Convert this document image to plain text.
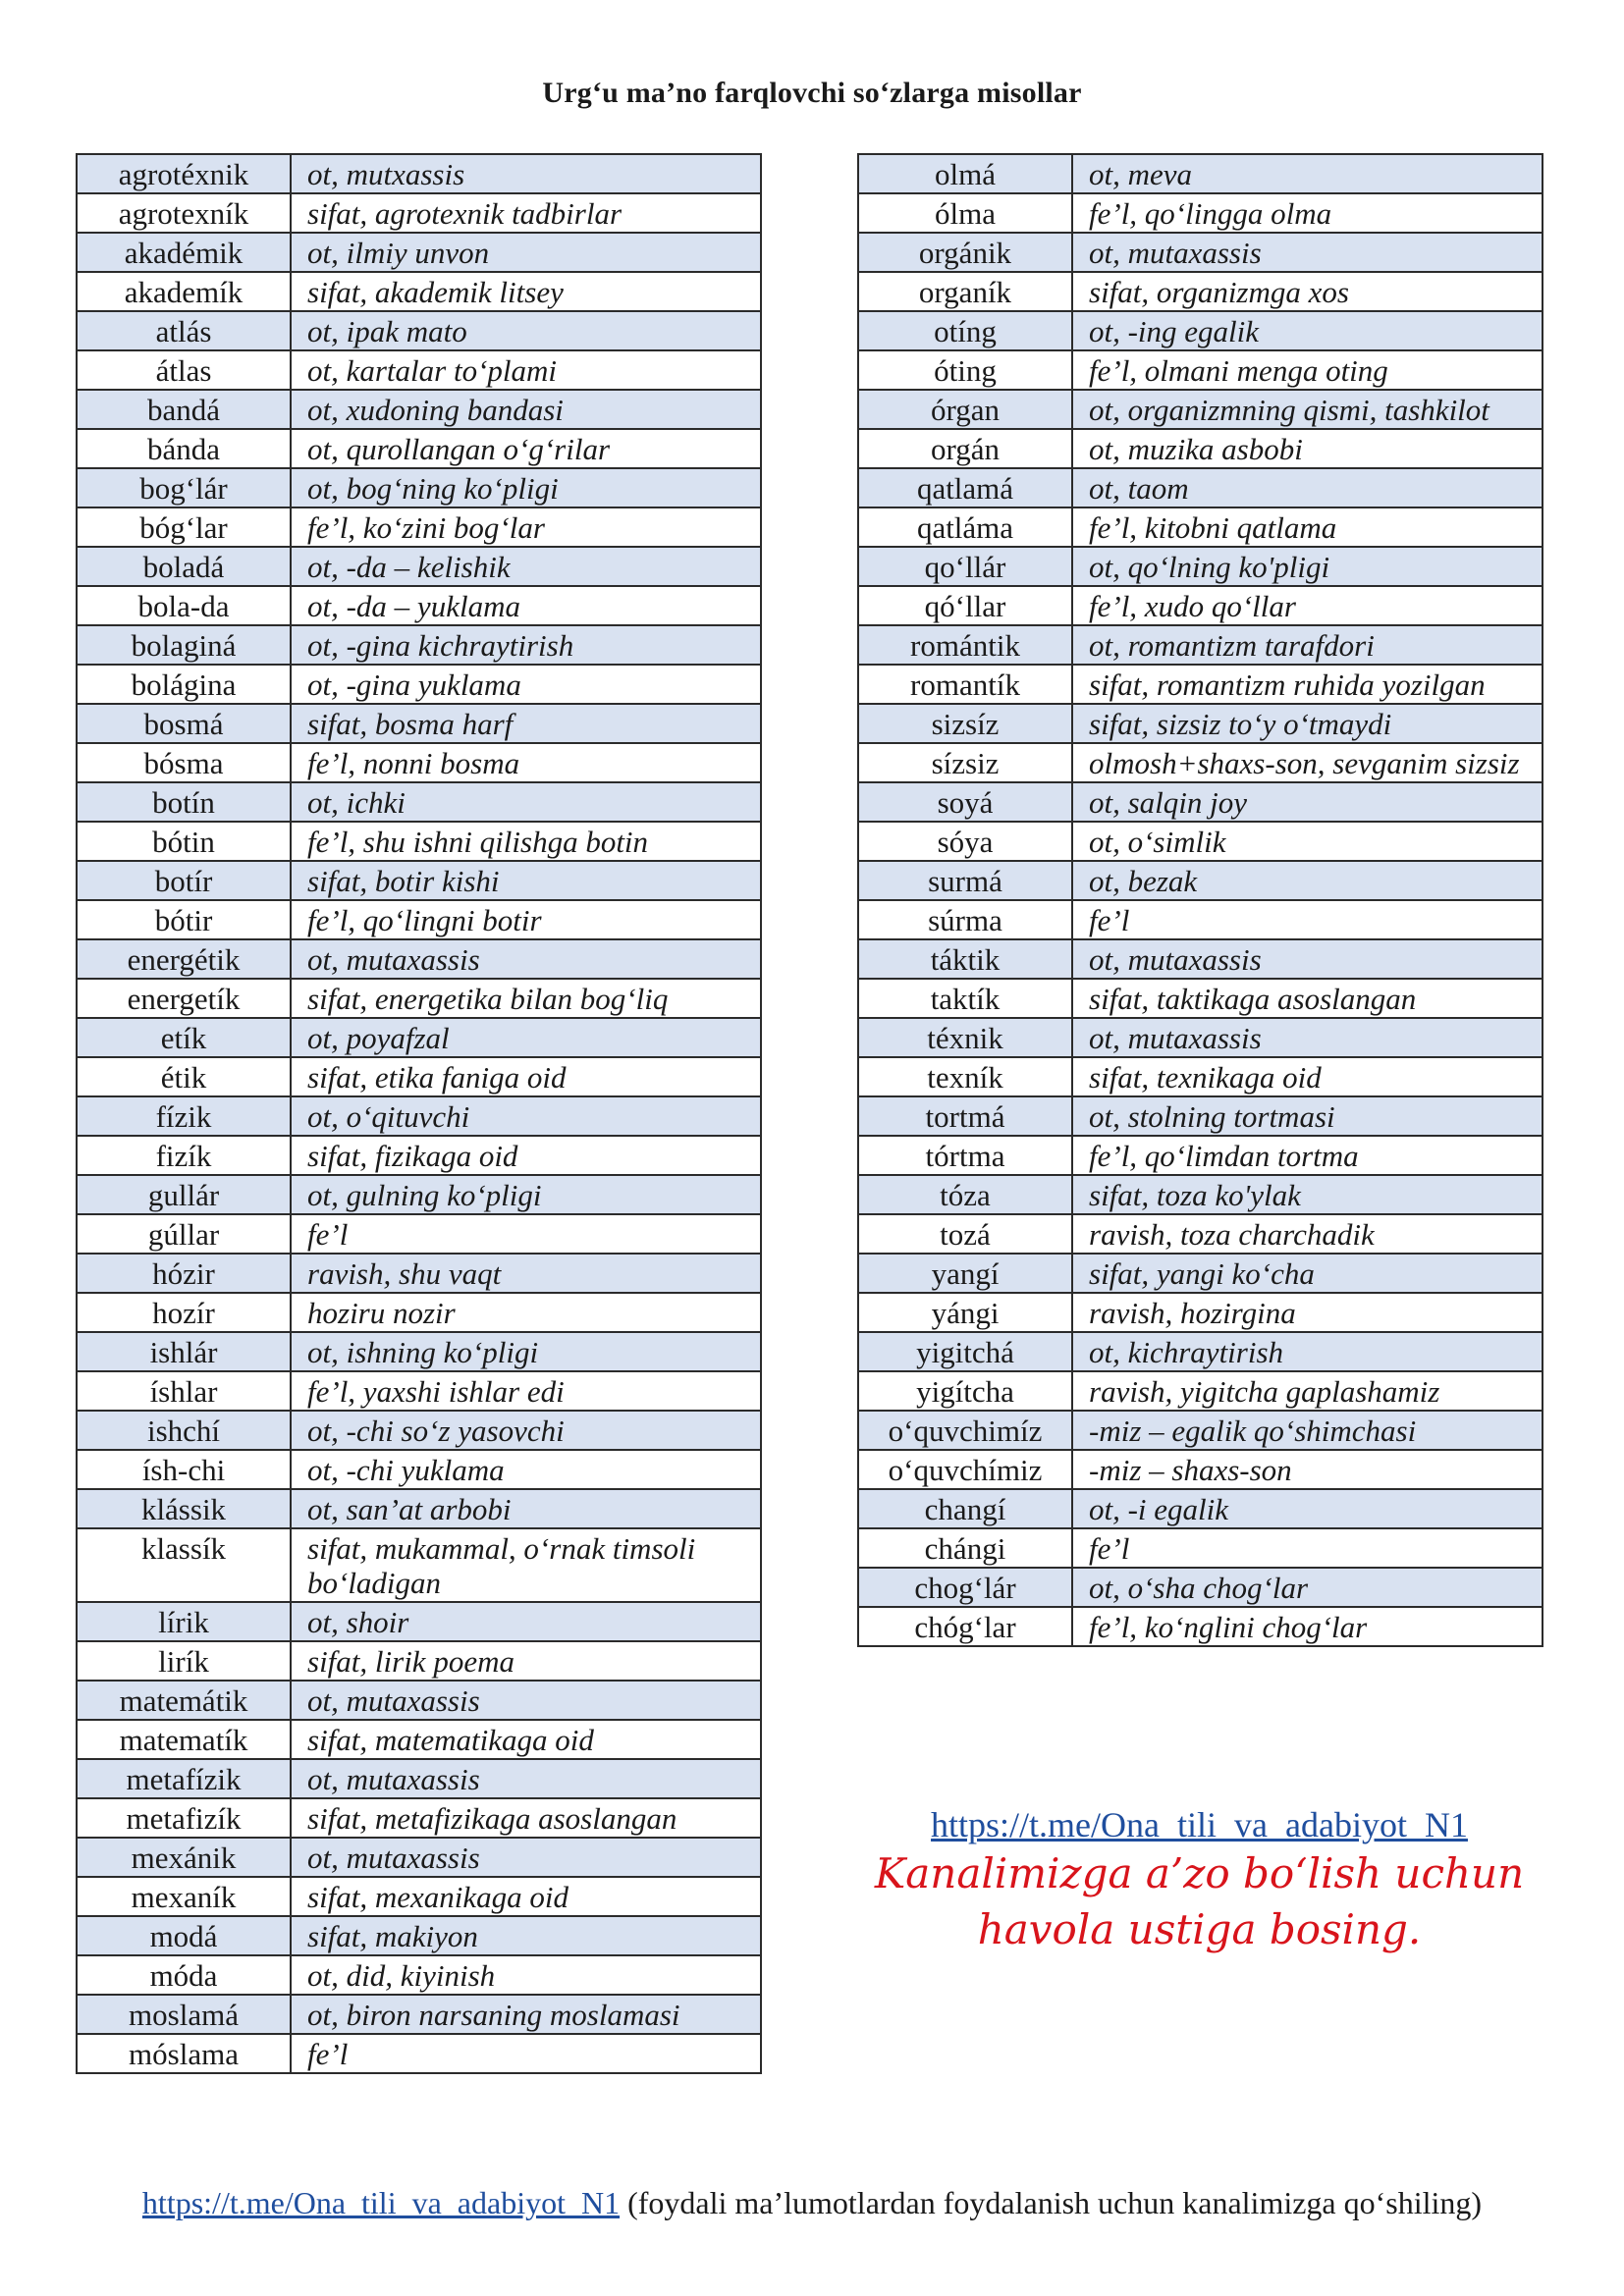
Urg‘u ma’no farqlovchi so‘zlarga misollar
agrotéxnik	ot, mutxassis
agrotexník	sifat, agrotexnik tadbirlar
akadémik	ot, ilmiy unvon
akademík	sifat, akademik litsey
atlás	ot, ipak mato
átlas	ot, kartalar to‘plami
bandá	ot, xudoning bandasi
bánda	ot, qurollangan o‘g‘rilar
bog‘lár	ot, bog‘ning ko‘pligi
bóg‘lar	fe’l, ko‘zini bog‘lar
boladá	ot, -da – kelishik
bola-da	ot, -da – yuklama
bolaginá	ot, -gina kichraytirish
bolágina	ot, -gina yuklama
bosmá	sifat, bosma harf
bósma	fe’l, nonni bosma
botín	ot, ichki
bótin	fe’l, shu ishni qilishga botin
botír	sifat, botir kishi
bótir	fe’l, qo‘lingni botir
energétik	ot, mutaxassis
energetík	sifat, energetika bilan bog‘liq
etík	ot, poyafzal
étik	sifat, etika faniga oid
fízik	ot, o‘qituvchi
fizík	sifat, fizikaga oid
gullár	ot, gulning ko‘pligi
gúllar	fe’l
hózir	ravish, shu vaqt
hozír	hoziru nozir
ishlár	ot, ishning ko‘pligi
íshlar	fe’l, yaxshi ishlar edi
ishchí	ot, -chi so‘z yasovchi
ísh-chi	ot, -chi yuklama
klássik	ot, san’at arbobi
klassík	sifat, mukammal, o‘rnak timsoli bo‘ladigan
lírik	ot, shoir
lirík	sifat, lirik poema
matemátik	ot, mutaxassis
matematík	sifat, matematikaga oid
metafízik	ot, mutaxassis
metafizík	sifat, metafizikaga asoslangan
mexánik	ot, mutaxassis
mexaník	sifat, mexanikaga oid
modá	sifat, makiyon
móda	ot, did, kiyinish
moslamá	ot, biron narsaning moslamasi
móslama	fe’l
olmá	ot, meva
ólma	fe’l, qo‘lingga olma
orgánik	ot, mutaxassis
organík	sifat, organizmga xos
otíng	ot, -ing egalik
óting	fe’l, olmani menga oting
órgan	ot, organizmning qismi, tashkilot
orgán	ot, muzika asbobi
qatlamá	ot, taom
qatláma	fe’l, kitobni qatlama
qo‘llár	ot, qo‘lning ko'pligi
qó‘llar	fe’l, xudo qo‘llar
romántik	ot, romantizm tarafdori
romantík	sifat, romantizm ruhida yozilgan
sizsíz	sifat, sizsiz to‘y o‘tmaydi
sízsiz	olmosh+shaxs-son, sevganim sizsiz
soyá	ot, salqin joy
sóya	ot, o‘simlik
surmá	ot, bezak
súrma	fe’l
táktik	ot, mutaxassis
taktík	sifat, taktikaga asoslangan
téxnik	ot, mutaxassis
texník	sifat, texnikaga oid
tortmá	ot, stolning tortmasi
tórtma	fe’l, qo‘limdan tortma
tóza	sifat, toza ko'ylak
tozá	ravish, toza charchadik
yangí	sifat, yangi ko‘cha
yángi	ravish, hozirgina
yigitchá	ot, kichraytirish
yigítcha	ravish, yigitcha gaplashamiz
o‘quvchimíz	-miz – egalik qo‘shimchasi
o‘quvchímiz	-miz – shaxs-son
changí	ot, -i egalik
chángi	fe’l
chog‘lár	ot, o‘sha chog‘lar
chóg‘lar	fe’l, ko‘nglini chog‘lar
https://t.me/Ona_tili_va_adabiyot_N1
Kanalimizga a’zo bo‘lish uchun
havola ustiga bosing.
https://t.me/Ona_tili_va_adabiyot_N1 (foydali ma’lumotlardan foydalanish uchun kanalimizga qo‘shiling)
